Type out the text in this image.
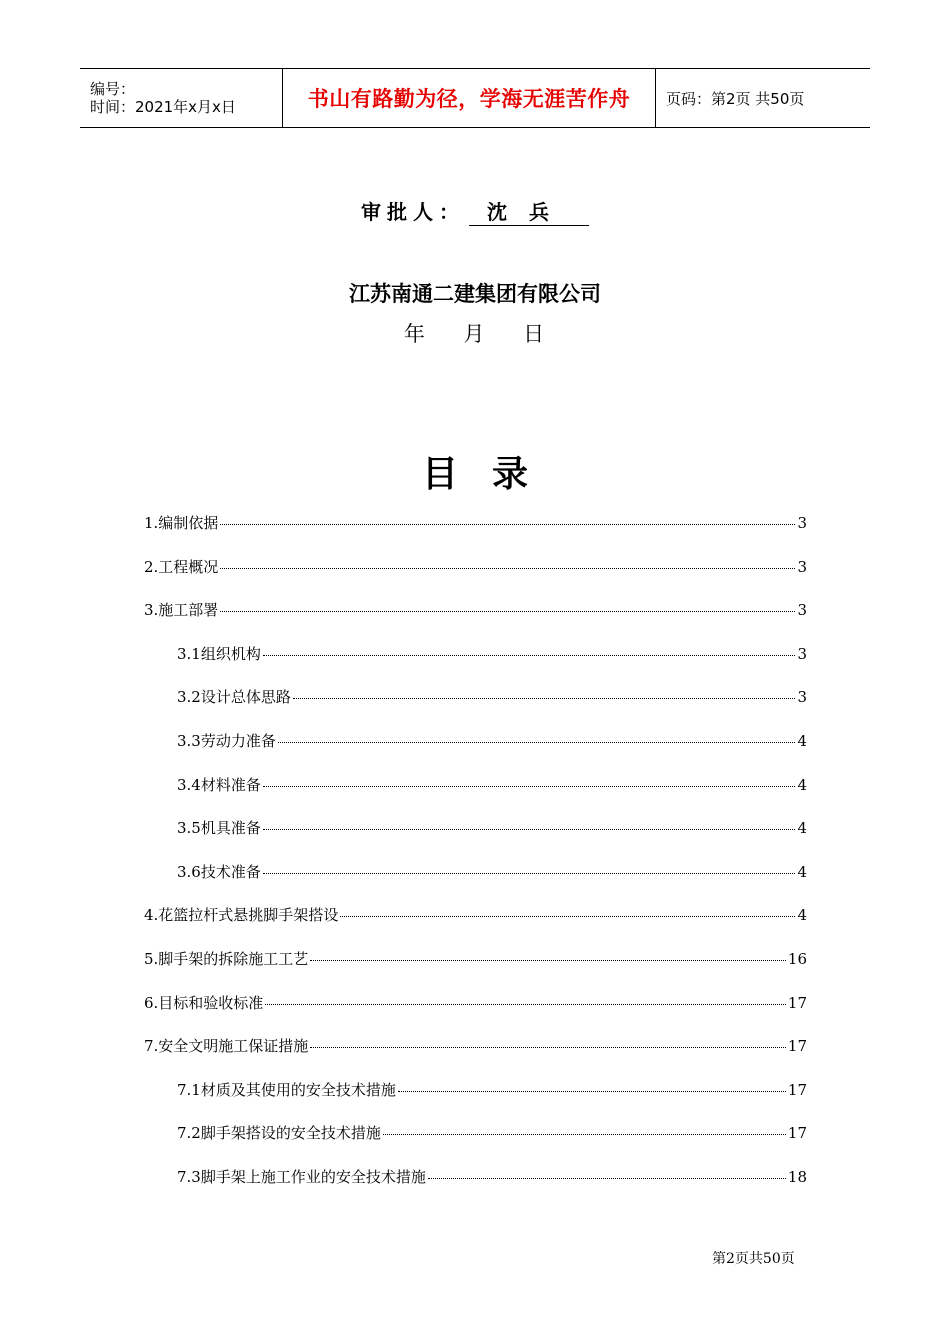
编号：
时间：2021年x月x日	书山有路勤为径，学海无涯苦作舟 页码：第2页 共50页
审批人： 沈兵
江苏南通二建集团有限公司
年 月 日
目录
1.编制依据	3
2.工程概况	3
3.施工部署	3
3.1组织机构	3
3.2设计总体思路	3
3.3劳动力准备	4
3.4材料准备	4
3.5机具准备	4
3.6技术准备	4
4.花篮拉杆式悬挑脚手架搭设	4
5.脚手架的拆除施工工艺	16
6.目标和验收标准	17
7.安全文明施工保证措施	17
7.1材质及其使用的安全技术措施	17
7.2脚手架搭设的安全技术措施	17
7.3脚手架上施工作业的安全技术措施	18
第2页共50页
